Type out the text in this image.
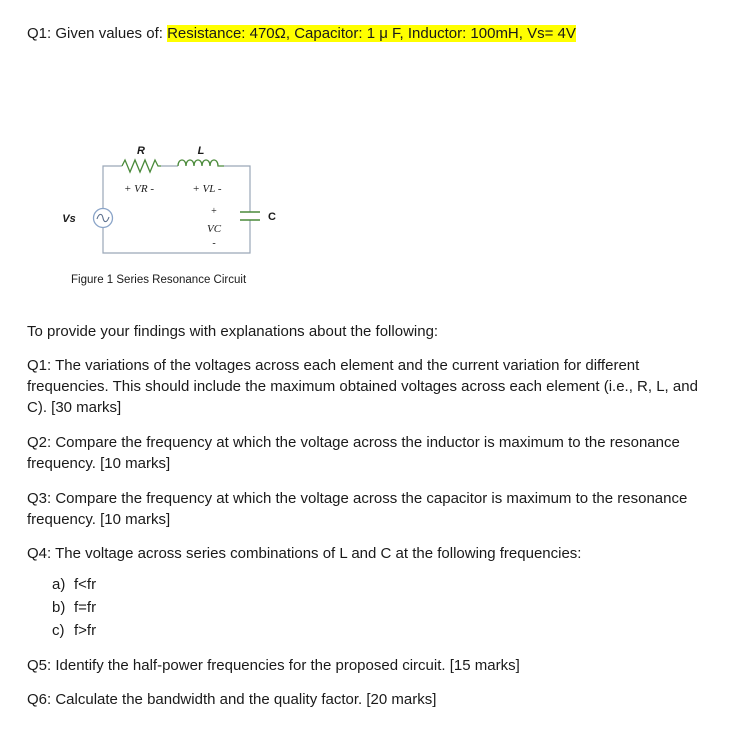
Q1: Given values of: Resistance: 470Ω, Capacitor: 1 μ F, Inductor: 100mH, Vs= 4V
R	L
C
Vs
+ VR -	+ VL -
+
VC
-
Figure 1 Series Resonance Circuit
To provide your findings with explanations about the following:
Q1: The variations of the voltages across each element and the current variation for different frequencies. This should include the maximum obtained voltages across each element (i.e., R, L, and C). [30 marks]
Q2: Compare the frequency at which the voltage across the inductor is maximum to the resonance frequency. [10 marks]
Q3: Compare the frequency at which the voltage across the capacitor is maximum to the resonance frequency. [10 marks]
Q4: The voltage across series combinations of L and C at the following frequencies:
a) f<fr
b) f=fr
c) f>fr
Q5: Identify the half-power frequencies for the proposed circuit. [15 marks]
Q6: Calculate the bandwidth and the quality factor. [20 marks]
